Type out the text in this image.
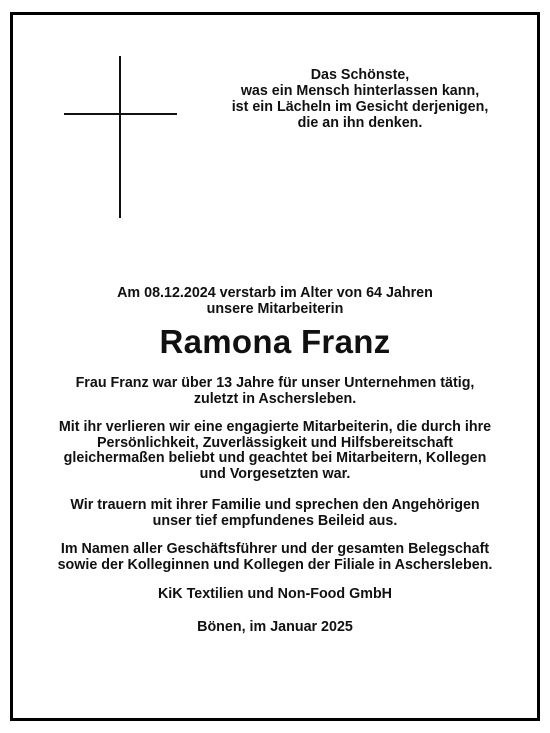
Das Schönste,
was ein Mensch hinterlassen kann,
ist ein Lächeln im Gesicht derjenigen,
die an ihn denken.
Am 08.12.2024 verstarb im Alter von 64 Jahren
unsere Mitarbeiterin
Ramona Franz
Frau Franz war über 13 Jahre für unser Unternehmen tätig,
zuletzt in Aschersleben.
Mit ihr verlieren wir eine engagierte Mitarbeiterin, die durch ihre
Persönlichkeit, Zuverlässigkeit und Hilfsbereitschaft
gleichermaßen beliebt und geachtet bei Mitarbeitern, Kollegen
und Vorgesetzten war.
Wir trauern mit ihrer Familie und sprechen den Angehörigen
unser tief empfundenes Beileid aus.
Im Namen aller Geschäftsführer und der gesamten Belegschaft
sowie der Kolleginnen und Kollegen der Filiale in Aschersleben.
KiK Textilien und Non-Food GmbH
Bönen, im Januar 2025
